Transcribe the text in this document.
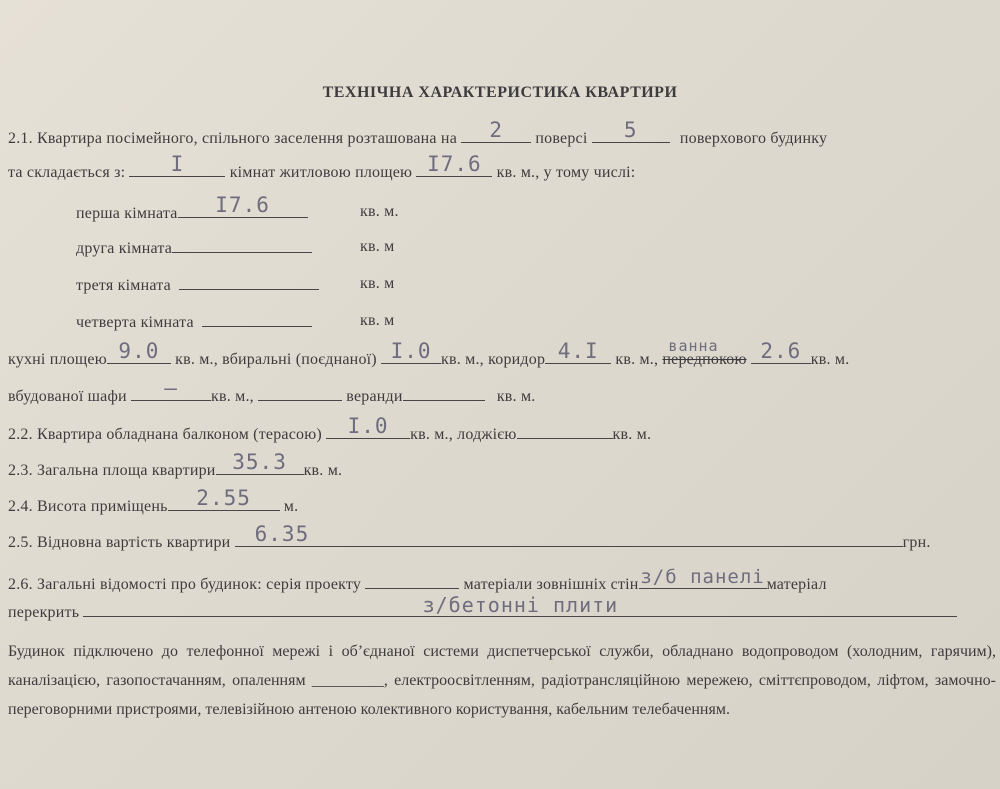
ТЕХНІЧНА ХАРАКТЕРИСТИКА КВАРТИРИ
2.1. Квартира посімейного, спільного заселення розташована на	2	поверсі	5	поверхового будинку
та складається з:	I	кімнат житловою площею I7.6 кв. м., у тому числі:
перша кімната	I7.6	кв. м.
друга кімната	кв. м
третя кімната	кв. м
четверта кімната	кв. м
кухні площею 9.0 кв. м., вбиральні (поєднаної) I.0 кв. м., коридор 4.I	кв. м., передпокою
ванна	2.6 кв. м.
вбудованої шафи	–	кв. м.,	веранди	кв. м.
2.2. Квартира обладнана балконом (терасою)	I.0	кв. м., лоджією	кв. м.
2.3. Загальна площа квартири 35.3	кв. м.
2.4. Висота приміщень	2.55	м.
2.5. Відновна вартість квартири 6.35	грн.
2.6. Загальні відомості про будинок: серія проекту	матеріали зовнішніх стін з/б панелі матеріал
перекрить	з/бетонні плити
Будинок підключено до телефонної мережі і об’єднаної системи диспетчерської служби, обладнано водопроводом (холодним, гарячим), каналізацією, газопостачанням, опаленням _________, електроосвітленням, радіотрансляційною мережею, сміттєпроводом, ліфтом, замочно-переговорними пристроями, телевізійною антеною колективного користування, кабельним телебаченням.
